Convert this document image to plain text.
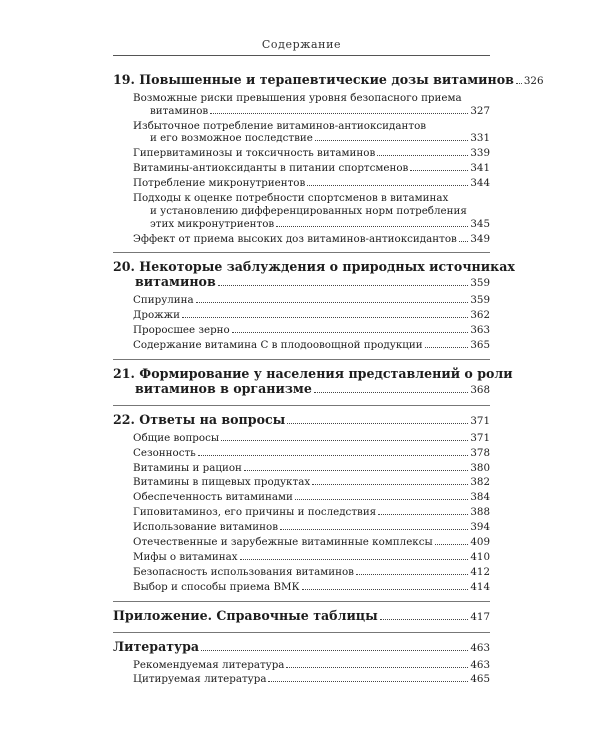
Содержание
19. Повышенные и терапевтические дозы витаминов 326
Возможные риски превышения уровня безопасного приема
витаминов	327
Избыточное потребление витаминов-антиоксидантов
и его возможное последствие	331
Гипервитаминозы и токсичность витаминов	339
Витамины-антиоксиданты в питании спортсменов	341
Потребление микронутриентов	344
Подходы к оценке потребности спортсменов в витаминах
и установлению дифференцированных норм потребления
этих микронутриентов	345
Эффект от приема высоких доз витаминов-антиоксидантов 349
20. Некоторые заблуждения о природных источниках
витаминов	359
Спирулина	359
Дрожжи	362
Проросшее зерно	363
Содержание витамина С в плодоовощной продукции	365
21. Формирование у населения представлений о роли
витаминов в организме	368
22. Ответы на вопросы	371
Общие вопросы	371
Сезонность	378
Витамины и рацион	380
Витамины в пищевых продуктах	382
Обеспеченность витаминами	384
Гиповитаминоз, его причины и последствия	388
Использование витаминов	394
Отечественные и зарубежные витаминные комплексы	409
Мифы о витаминах	410
Безопасность использования витаминов	412
Выбор и способы приема ВМК	414
Приложение. Справочные таблицы	417
Литература	463
Рекомендуемая литература	463
Цитируемая литература	465
